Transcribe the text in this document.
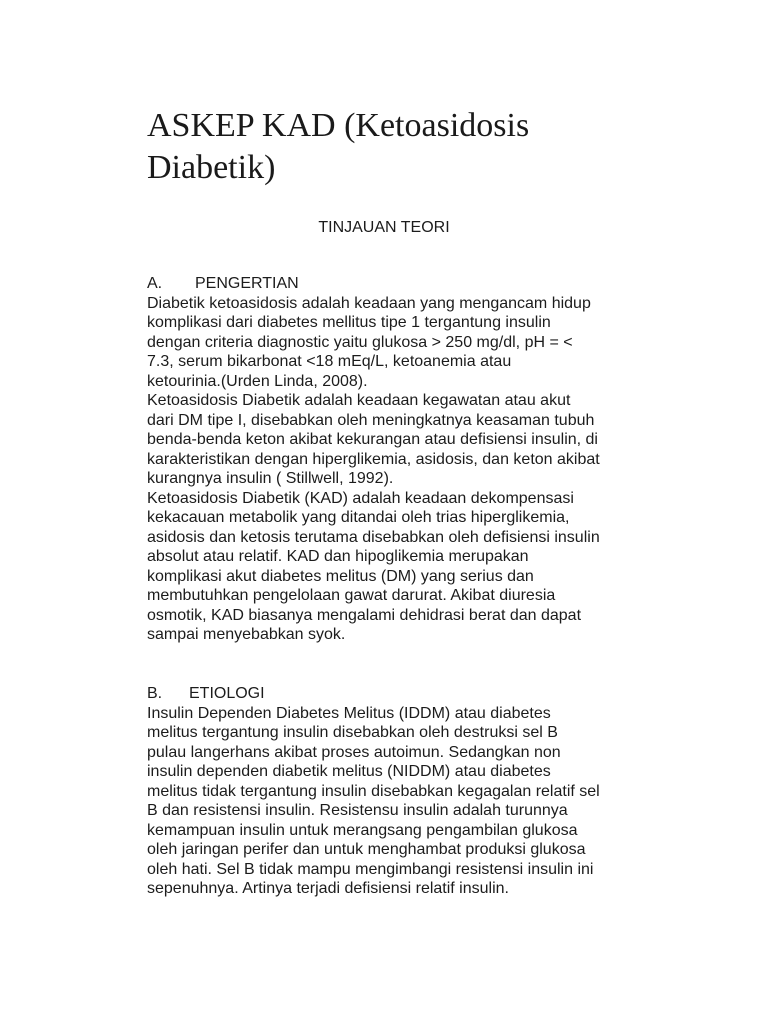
ASKEP KAD (Ketoasidosis
Diabetik)
TINJAUAN TEORI
A.	PENGERTIAN

Diabetik ketoasidosis adalah keadaan yang mengancam hidup
komplikasi dari diabetes mellitus tipe 1 tergantung insulin
dengan criteria diagnostic yaitu glukosa > 250 mg/dl, pH = <
7.3, serum bikarbonat <18 mEq/L, ketoanemia atau
ketourinia.(Urden Linda, 2008).

Ketoasidosis Diabetik adalah keadaan kegawatan atau akut
dari DM tipe I, disebabkan oleh meningkatnya keasaman tubuh
benda-benda keton akibat kekurangan atau defisiensi insulin, di
karakteristikan dengan hiperglikemia, asidosis, dan keton akibat
kurangnya insulin ( Stillwell, 1992).

Ketoasidosis Diabetik (KAD) adalah keadaan dekompensasi
kekacauan metabolik yang ditandai oleh trias hiperglikemia,
asidosis dan ketosis terutama disebabkan oleh defisiensi insulin
absolut atau relatif. KAD dan hipoglikemia merupakan
komplikasi akut diabetes melitus (DM) yang serius dan
membutuhkan pengelolaan gawat darurat. Akibat diuresia
osmotik, KAD biasanya mengalami dehidrasi berat dan dapat
sampai menyebabkan syok.

B.	ETIOLOGI

Insulin Dependen Diabetes Melitus (IDDM) atau diabetes
melitus tergantung insulin disebabkan oleh destruksi sel B
pulau langerhans akibat proses autoimun. Sedangkan non
insulin dependen diabetik melitus (NIDDM) atau diabetes
melitus tidak tergantung insulin disebabkan kegagalan relatif sel
B dan resistensi insulin. Resistensu insulin adalah turunnya
kemampuan insulin untuk merangsang pengambilan glukosa
oleh jaringan perifer dan untuk menghambat produksi glukosa
oleh hati. Sel B tidak mampu mengimbangi resistensi insulin ini
sepenuhnya. Artinya terjadi defisiensi relatif insulin.
